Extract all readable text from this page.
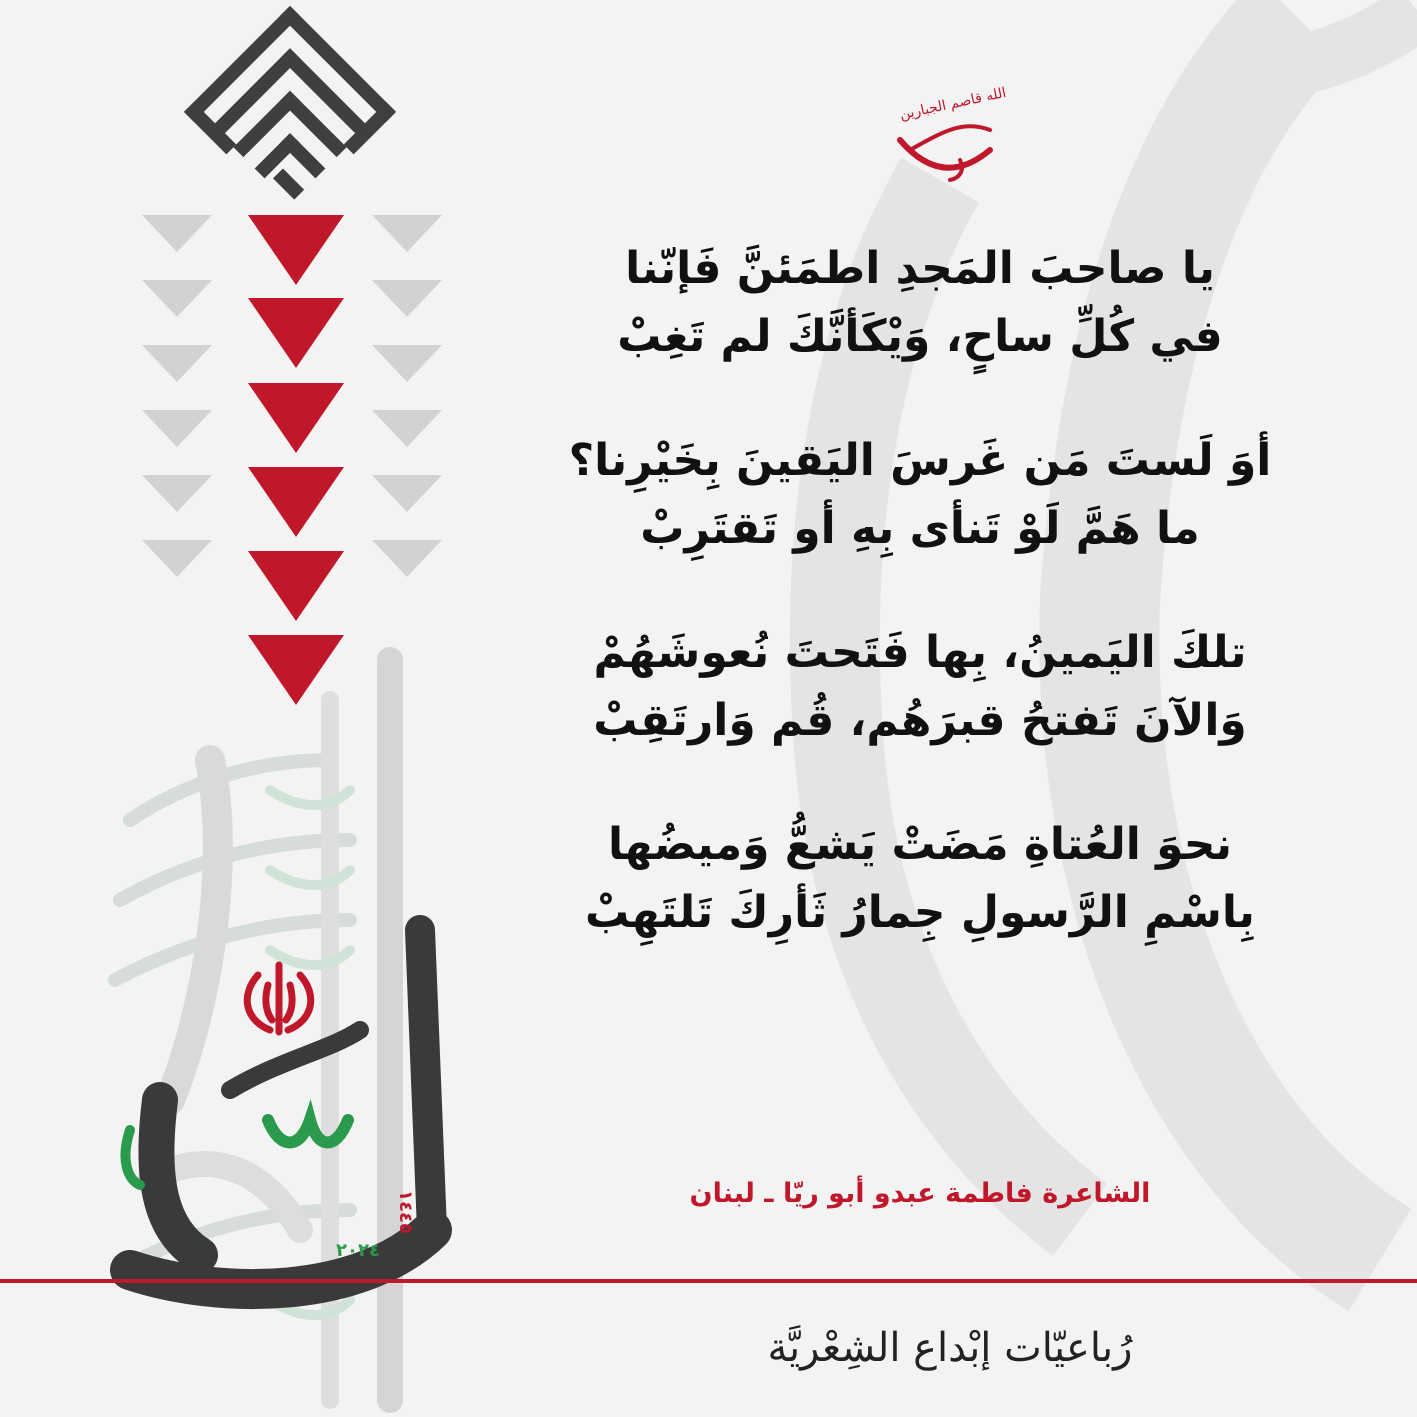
الله قاصم الجبارين
يا صاحبَ المَجدِ اطمَئنَّ فَإنّنا
في كُلِّ ساحٍ، وَيْكَأنَّكَ لم تَغِبْ
أوَ لَستَ مَن غَرسَ اليَقينَ بِخَيْرِنا؟
ما هَمَّ لَوْ تَنأى بِهِ أو تَقتَرِبْ
تلكَ اليَمينُ، بِها فَتَحتَ نُعوشَهُمْ
وَالآنَ تَفتحُ قبرَهُم، قُم وَارتَقِبْ
نحوَ العُتاةِ مَضَتْ يَشعُّ وَميضُها
بِاسْمِ الرَّسولِ جِمارُ ثَأرِكَ تَلتَهِبْ
الشاعرة فاطمة عبدو أبو ريّا ـ لبنان
٢٠٢٤
١٤٤٥
رُباعيّات إبْداع الشِعْريَّة
